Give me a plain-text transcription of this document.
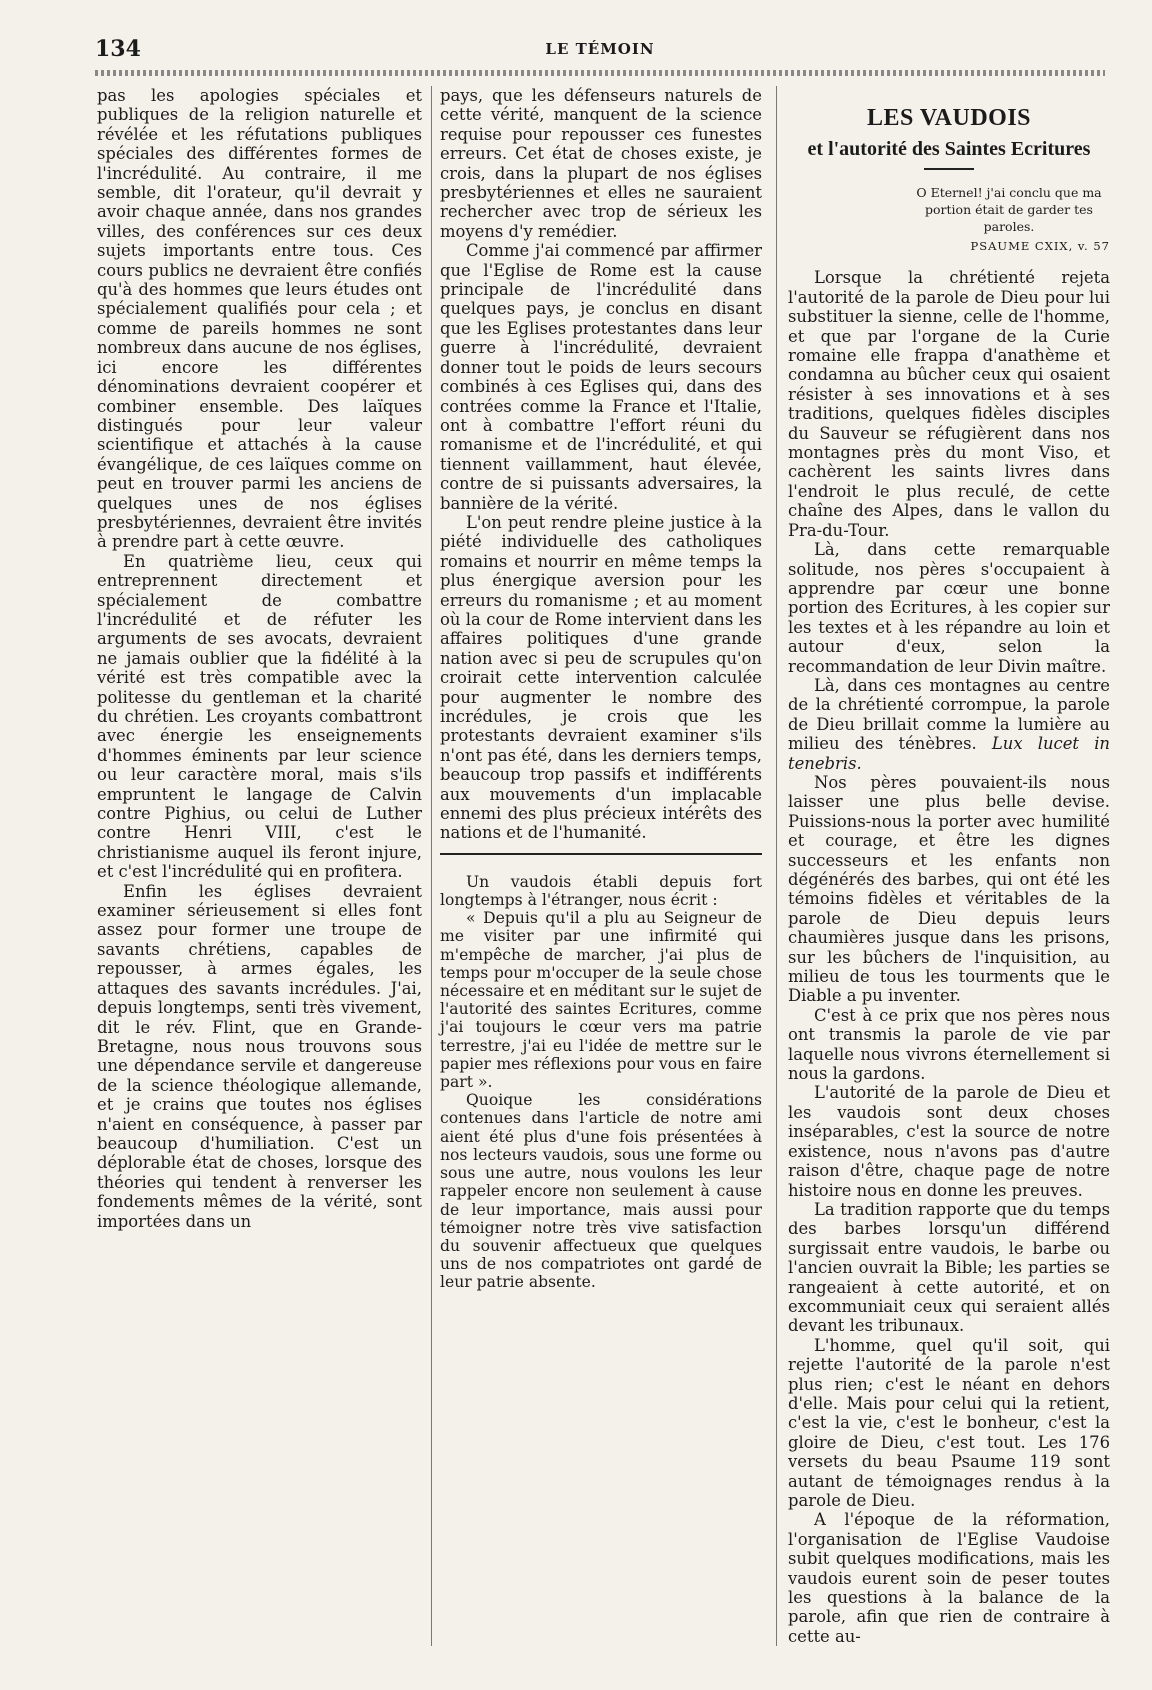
134	LE TÉMOIN

pas les apologies spéciales et publiques de la religion naturelle et révélée et les réfutations publiques spéciales des différentes formes de l'incrédulité. Au contraire, il me semble, dit l'orateur, qu'il devrait y avoir chaque année, dans nos grandes villes, des conférences sur ces deux sujets importants entre tous. Ces cours publics ne devraient être confiés qu'à des hommes que leurs études ont spécialement qualifiés pour cela ; et comme de pareils hommes ne sont nombreux dans aucune de nos églises, ici encore les différentes dénominations devraient coopérer et combiner ensemble. Des laïques distingués pour leur valeur scientifique et attachés à la cause évangélique, de ces laïques comme on peut en trouver parmi les anciens de quelques unes de nos églises presbytériennes, devraient être invités à prendre part à cette œuvre.

En quatrième lieu, ceux qui entreprennent directement et spécialement de combattre l'incrédulité et de réfuter les arguments de ses avocats, devraient ne jamais oublier que la fidélité à la vérité est très compatible avec la politesse du gentleman et la charité du chrétien. Les croyants combattront avec énergie les enseignements d'hommes éminents par leur science ou leur caractère moral, mais s'ils empruntent le langage de Calvin contre Pighius, ou celui de Luther contre Henri VIII, c'est le christianisme auquel ils feront injure, et c'est l'incrédulité qui en profitera.

Enfin les églises devraient examiner sérieusement si elles font assez pour former une troupe de savants chrétiens, capables de repousser, à armes égales, les attaques des savants incrédules. J'ai, depuis longtemps, senti très vivement, dit le rév. Flint, que en Grande-Bretagne, nous nous trouvons sous une dépendance servile et dangereuse de la science théologique allemande, et je crains que toutes nos églises n'aient en conséquence, à passer par beaucoup d'humiliation. C'est un déplorable état de choses, lorsque des théories qui tendent à renverser les fondements mêmes de la vérité, sont importées dans un

pays, que les défenseurs naturels de cette vérité, manquent de la science requise pour repousser ces funestes erreurs. Cet état de choses existe, je crois, dans la plupart de nos églises presbytériennes et elles ne sauraient rechercher avec trop de sérieux les moyens d'y remédier.

Comme j'ai commencé par affirmer que l'Eglise de Rome est la cause principale de l'incrédulité dans quelques pays, je conclus en disant que les Eglises protestantes dans leur guerre à l'incrédulité, devraient donner tout le poids de leurs secours combinés à ces Eglises qui, dans des contrées comme la France et l'Italie, ont à combattre l'effort réuni du romanisme et de l'incrédulité, et qui tiennent vaillamment, haut élevée, contre de si puissants adversaires, la bannière de la vérité.

L'on peut rendre pleine justice à la piété individuelle des catholiques romains et nourrir en même temps la plus énergique aversion pour les erreurs du romanisme ; et au moment où la cour de Rome intervient dans les affaires politiques d'une grande nation avec si peu de scrupules qu'on croirait cette intervention calculée pour augmenter le nombre des incrédules, je crois que les protestants devraient examiner s'ils n'ont pas été, dans les derniers temps, beaucoup trop passifs et indifférents aux mouvements d'un implacable ennemi des plus précieux intérêts des nations et de l'humanité.

Un vaudois établi depuis fort longtemps à l'étranger, nous écrit :

« Depuis qu'il a plu au Seigneur de me visiter par une infirmité qui m'empêche de marcher, j'ai plus de temps pour m'occuper de la seule chose nécessaire et en méditant sur le sujet de l'autorité des saintes Ecritures, comme j'ai toujours le cœur vers ma patrie terrestre, j'ai eu l'idée de mettre sur le papier mes réflexions pour vous en faire part ».

Quoique les considérations contenues dans l'article de notre ami aient été plus d'une fois présentées à nos lecteurs vaudois, sous une forme ou sous une autre, nous voulons les leur rappeler encore non seulement à cause de leur importance, mais aussi pour témoigner notre très vive satisfaction du souvenir affectueux que quelques uns de nos compatriotes ont gardé de leur patrie absente.

LES VAUDOIS
et l'autorité des Saintes Ecritures
O Eternel! j'ai conclu que ma portion était de garder tes paroles.
PSAUME CXIX, v. 57

Lorsque la chrétienté rejeta l'autorité de la parole de Dieu pour lui substituer la sienne, celle de l'homme, et que par l'organe de la Curie romaine elle frappa d'anathème et condamna au bûcher ceux qui osaient résister à ses innovations et à ses traditions, quelques fidèles disciples du Sauveur se réfugièrent dans nos montagnes près du mont Viso, et cachèrent les saints livres dans l'endroit le plus reculé, de cette chaîne des Alpes, dans le vallon du Pra-du-Tour.

Là, dans cette remarquable solitude, nos pères s'occupaient à apprendre par cœur une bonne portion des Ecritures, à les copier sur les textes et à les répandre au loin et autour d'eux, selon la recommandation de leur Divin maître.

Là, dans ces montagnes au centre de la chrétienté corrompue, la parole de Dieu brillait comme la lumière au milieu des ténèbres. Lux lucet in tenebris.

Nos pères pouvaient-ils nous laisser une plus belle devise. Puissions-nous la porter avec humilité et courage, et être les dignes successeurs et les enfants non dégénérés des barbes, qui ont été les témoins fidèles et véritables de la parole de Dieu depuis leurs chaumières jusque dans les prisons, sur les bûchers de l'inquisition, au milieu de tous les tourments que le Diable a pu inventer.

C'est à ce prix que nos pères nous ont transmis la parole de vie par laquelle nous vivrons éternellement si nous la gardons.

L'autorité de la parole de Dieu et les vaudois sont deux choses inséparables, c'est la source de notre existence, nous n'avons pas d'autre raison d'être, chaque page de notre histoire nous en donne les preuves.

La tradition rapporte que du temps des barbes lorsqu'un différend surgissait entre vaudois, le barbe ou l'ancien ouvrait la Bible; les parties se rangeaient à cette autorité, et on excommuniait ceux qui seraient allés devant les tribunaux.

L'homme, quel qu'il soit, qui rejette l'autorité de la parole n'est plus rien; c'est le néant en dehors d'elle. Mais pour celui qui la retient, c'est la vie, c'est le bonheur, c'est la gloire de Dieu, c'est tout. Les 176 versets du beau Psaume 119 sont autant de témoignages rendus à la parole de Dieu.

A l'époque de la réformation, l'organisation de l'Eglise Vaudoise subit quelques modifications, mais les vaudois eurent soin de peser toutes les questions à la balance de la parole, afin que rien de contraire à cette au-
